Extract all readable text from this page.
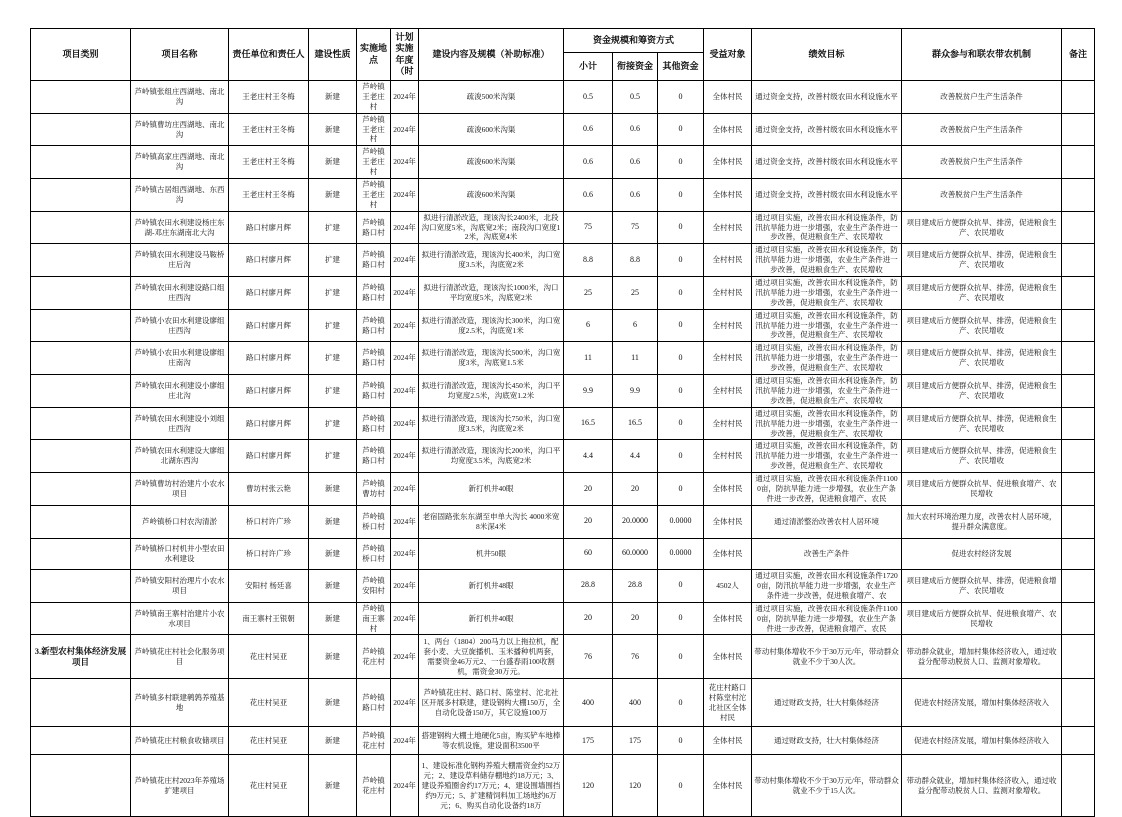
项目类别	项目名称	责任单位和责任人	建设性质	实施地点	计划实施年度（时	建设内容及规模（补助标准）	资金规模和筹资方式			受益对象	绩效目标	群众参与和联农带农机制	备注
							小计	衔接资金	其他资金				
	芦岭镇张组庄西湖地、南北沟	王老庄村王冬梅	新建	芦岭镇王老庄村	2024年	疏浚500米沟渠	0.5	0.5	0	全体村民	通过资金支持，改善村级农田水利设施水平	改善脱贫户生产生活条件	
	芦岭镇曹坊庄西湖地、南北沟	王老庄村王冬梅	新建	芦岭镇王老庄村	2024年	疏浚600米沟渠	0.6	0.6	0	全体村民	通过资金支持，改善村级农田水利设施水平	改善脱贫户生产生活条件	
	芦岭镇高家庄西湖地、南北沟	王老庄村王冬梅	新建	芦岭镇王老庄村	2024年	疏浚600米沟渠	0.6	0.6	0	全体村民	通过资金支持，改善村级农田水利设施水平	改善脱贫户生产生活条件	
	芦岭镇古居组西湖地、东西沟	王老庄村王冬梅	新建	芦岭镇王老庄村	2024年	疏浚600米沟渠	0.6	0.6	0	全体村民	通过资金支持，改善村级农田水利设施水平	改善脱贫户生产生活条件	
	芦岭镇农田水利建设杨庄东湖-邓庄东湖南北大沟	路口村廖月辉	扩建	芦岭镇路口村	2024年	拟进行清淤改造，现该沟长2400米，北段沟口宽度5米，沟底宽2米；南段沟口宽度12米，沟底宽4米	75	75	0	全村村民	通过项目实施，改善农田水利设施条件，防汛抗旱能力进一步增强，农业生产条件进一步改善，促进粮食生产、农民增收	项目建成后方便群众抗旱、排涝，促进粮食生产、农民增收	
	芦岭镇农田水利建设马鞍桥庄后沟	路口村廖月辉	扩建	芦岭镇路口村	2024年	拟进行清淤改造，现该沟长400米，沟口宽度3.5米，沟底宽2米	8.8	8.8	0	全村村民	通过项目实施，改善农田水利设施条件，防汛抗旱能力进一步增强，农业生产条件进一步改善，促进粮食生产、农民增收	项目建成后方便群众抗旱、排涝，促进粮食生产、农民增收	
	芦岭镇农田水利建设路口组庄西沟	路口村廖月辉	扩建	芦岭镇路口村	2024年	拟进行清淤改造，现该沟长1000米，沟口平均宽度5米，沟底宽2米	25	25	0	全村村民	通过项目实施，改善农田水利设施条件，防汛抗旱能力进一步增强，农业生产条件进一步改善，促进粮食生产、农民增收	项目建成后方便群众抗旱、排涝，促进粮食生产、农民增收	
	芦岭镇小农田水利建设廖组庄西沟	路口村廖月辉	扩建	芦岭镇路口村	2024年	拟进行清淤改造，现该沟长300米，沟口宽度2.5米，沟底宽1米	6	6	0	全村村民	通过项目实施，改善农田水利设施条件，防汛抗旱能力进一步增强，农业生产条件进一步改善，促进粮食生产、农民增收	项目建成后方便群众抗旱、排涝，促进粮食生产、农民增收	
	芦岭镇小农田水利建设廖组庄南沟	路口村廖月辉	扩建	芦岭镇路口村	2024年	拟进行清淤改造，现该沟长500米，沟口宽度3米，沟底宽1.5米	11	11	0	全村村民	通过项目实施，改善农田水利设施条件，防汛抗旱能力进一步增强，农业生产条件进一步改善，促进粮食生产、农民增收	项目建成后方便群众抗旱、排涝，促进粮食生产、农民增收	
	芦岭镇农田水利建设小廖组庄北沟	路口村廖月辉	扩建	芦岭镇路口村	2024年	拟进行清淤改造，现该沟长450米，沟口平均宽度2.5米，沟底宽1.2米	9.9	9.9	0	全村村民	通过项目实施，改善农田水利设施条件，防汛抗旱能力进一步增强，农业生产条件进一步改善，促进粮食生产、农民增收	项目建成后方便群众抗旱、排涝，促进粮食生产、农民增收	
	芦岭镇农田水利建设小刘组庄西沟	路口村廖月辉	扩建	芦岭镇路口村	2024年	拟进行清淤改造，现该沟长750米，沟口宽度3.5米，沟底宽2米	16.5	16.5	0	全村村民	通过项目实施，改善农田水利设施条件，防汛抗旱能力进一步增强，农业生产条件进一步改善，促进粮食生产、农民增收	项目建成后方便群众抗旱、排涝，促进粮食生产、农民增收	
	芦岭镇农田水利建设大廖组北湖东西沟	路口村廖月辉	扩建	芦岭镇路口村	2024年	拟进行清淤改造，现该沟长200米，沟口平均宽度3.5米，沟底宽2米	4.4	4.4	0	全村村民	通过项目实施，改善农田水利设施条件，防汛抗旱能力进一步增强，农业生产条件进一步改善，促进粮食生产、农民增收	项目建成后方便群众抗旱、排涝，促进粮食生产、农民增收	
	芦岭镇曹坊村治建片小农水项目	曹坊村张云艳	新建	芦岭镇曹坊村	2024年	新打机井40眼	20	20	0	全体村民	通过项目实施，改善农田水利设施条件11000亩，防抗旱能力进一步增强，农业生产条件进一步改善，促进粮食增产、农民	项目建成后方便群众抗旱、促进粮食增产、农民增收	
	芦岭镇桥口村农沟清淤	桥口村许广珍	新建	芦岭镇桥口村	2024年	老宿固路张东东湖至申单大沟长 4000米宽8米深4米	20	20.0000	0.0000	全体村民	通过清淤整治改善农村人居环境	加大农村环境治理力度，改善农村人居环境，提升群众满意度。	
	芦岭镇桥口村机井小型农田水利建设	桥口村许广珍	新建	芦岭镇桥口村	2024年	机井50眼	60	60.0000	0.0000	全体村民	改善生产条件	促进农村经济发展	
	芦岭镇安阳村治理片小农水项目	安阳村 杨廷喜	新建	芦岭镇安阳村	2024年	新打机井48眼	28.8	28.8	0	4502人	通过项目实施，改善农田水利设施条件17200亩，防汛抗旱能力进一步增强，农业生产条件进一步改善，促进粮食增产、农	项目建成后方便群众抗旱、排涝，促进粮食增产、农民增收	
	芦岭镇南王寨村治建片小农水项目	南王寨村王银朝	新建	芦岭镇南王寨村	2024年	新打机井40眼	20	20	0	全体村民	通过项目实施，改善农田水利设施条件11000亩，防抗旱能力进一步增强，农业生产条件进一步改善，促进粮食增产、农民	项目建成后方便群众抗旱、促进粮食增产、农民增收	
3.新型农村集体经济发展项目	芦岭镇花庄村社会化服务项目	花庄村吴亚	新建	芦岭镇花庄村	2024年	1、两台（1804）200马力以上拖拉机，配套小麦、大豆旋播机、玉米播种机两套，需要资金46万元2、一台盛春雨100收割机，需资金30万元。	76	76	0	全体村民	带动村集体增收不少于30万元/年，带动群众就业不少于30人次。	带动群众就业，增加村集体经济收入，通过收益分配带动脱贫人口、监测对象增收。	
	芦岭镇多村联建鹌鹑养殖基地	花庄村吴亚	新建	芦岭镇路口村	2024年	芦岭镇花庄村、路口村、陈堂村、沱北社区开展多村联建，建设钢构大棚150万，全自动化设备150万，其它设施100万	400	400	0	花庄村路口村陈堂村沱北社区全体村民	通过财政支持，壮大村集体经济	促进农村经济发展，增加村集体经济收入	
	芦岭镇花庄村粮食收储项目	花庄村吴亚	新建	芦岭镇花庄村	2024年	搭建钢构大棚土地硬化5亩，购买铲车地棒等农机设施，建设面积3500平	175	175	0	全体村民	通过财政支持，壮大村集体经济	促进农村经济发展，增加村集体经济收入	
	芦岭镇花庄村2023年养殖场扩建项目	花庄村吴亚	新建	芦岭镇花庄村	2024年	1、建设标准化钢构养殖大棚需资金约52万元；2、建设草料储存棚地约18万元；3、建设养殖圈舍约17万元；4、建设围墙围挡约9万元；5、扩建精饲料加工场地约6万元；6、购买自动化设备约18万	120	120	0	全体村民	带动村集体增收不少于30万元/年，带动群众就业不少于15人次。	带动群众就业，增加村集体经济收入，通过收益分配带动脱贫人口、监测对象增收。	
